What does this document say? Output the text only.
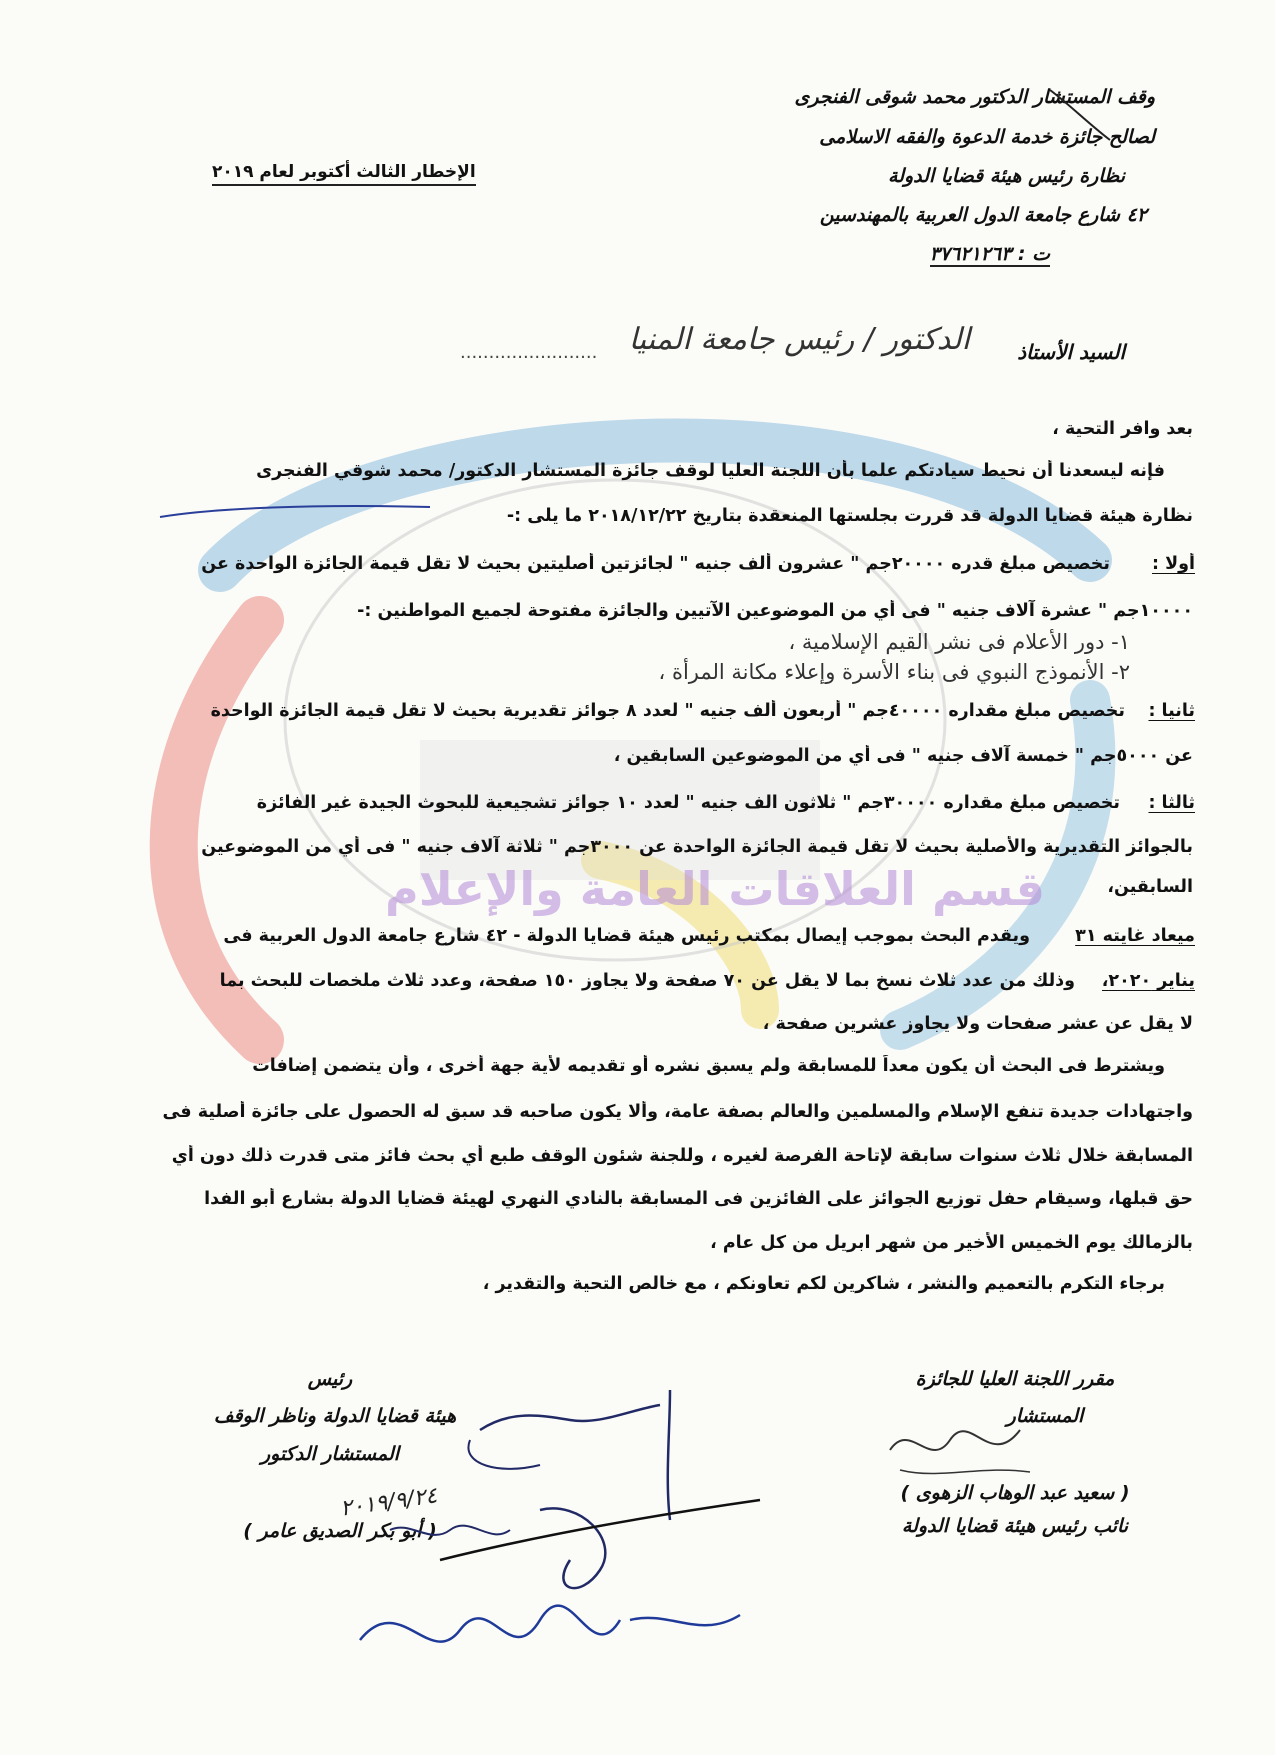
قسم العلاقات العامة والإعلام
وقف المستشار الدكتور محمد شوقى الفنجرى
لصالح جائزة خدمة الدعوة والفقه الاسلامى
نظارة رئيس هيئة قضايا الدولة
٤٢ شارع جامعة الدول العربية بالمهندسين
ت : ٣٧٦٢١٢٦٣
الإخطار الثالث أكتوبر لعام ٢٠١٩
السيد الأستاذ
الدكتور / رئيس جامعة المنيا
........................
بعد وافر التحية ،
فإنه ليسعدنا أن نحيط سيادتكم علما بأن اللجنة العليا لوقف جائزة المستشار الدكتور/ محمد شوقي الفنجرى
نظارة هيئة قضايا الدولة قد قررت بجلستها المنعقدة بتاريخ ٢٠١٨/١٢/٢٢ ما يلى :-
أولا :
تخصيص مبلغ قدره ٢٠٠٠٠جم " عشرون ألف جنيه " لجائزتين أصليتين بحيث لا تقل قيمة الجائزة الواحدة عن
١٠٠٠٠جم " عشرة آلاف جنيه " فى أي من الموضوعين الآتيين والجائزة مفتوحة لجميع المواطنين :-
١- دور الأعلام فى نشر القيم الإسلامية ،
٢- الأنموذج النبوي فى بناء الأسرة وإعلاء مكانة المرأة ،
ثانيا :
تخصيص مبلغ مقداره ٤٠٠٠٠جم " أربعون ألف جنيه " لعدد ٨ جوائز تقديرية بحيث لا تقل قيمة الجائزة الواحدة
عن ٥٠٠٠جم " خمسة آلاف جنيه " فى أي من الموضوعين السابقين ،
ثالثا :
تخصيص مبلغ مقداره ٣٠٠٠٠جم " ثلاثون الف جنيه " لعدد ١٠ جوائز تشجيعية للبحوث الجيدة غير الفائزة
بالجوائز التقديرية والأصلية بحيث لا تقل قيمة الجائزة الواحدة عن ٣٠٠٠جم " ثلاثة آلاف جنيه " فى أي من الموضوعين
السابقين،
ويقدم البحث بموجب إيصال بمكتب رئيس هيئة قضايا الدولة - ٤٢ شارع جامعة الدول العربية فى	ميعاد غايته ٣١
يناير ٢٠٢٠،
وذلك من عدد ثلاث نسخ بما لا يقل عن ٧٠ صفحة ولا يجاوز ١٥٠ صفحة، وعدد ثلاث ملخصات للبحث بما
لا يقل عن عشر صفحات ولا يجاوز عشرين صفحة ،
ويشترط فى البحث أن يكون معداً للمسابقة ولم يسبق نشره أو تقديمه لأية جهة أخرى ، وأن يتضمن إضافات
واجتهادات جديدة تنفع الإسلام والمسلمين والعالم بصفة عامة، وألا يكون صاحبه قد سبق له الحصول على جائزة أصلية فى
المسابقة خلال ثلاث سنوات سابقة لإتاحة الفرصة لغيره ، وللجنة شئون الوقف طبع أي بحث فائز متى قدرت ذلك دون أي
حق قبلها، وسيقام حفل توزيع الجوائز على الفائزين فى المسابقة بالنادي النهري لهيئة قضايا الدولة بشارع أبو الفدا
بالزمالك يوم الخميس الأخير من شهر ابريل من كل عام ،
برجاء التكرم بالتعميم والنشر ، شاكرين لكم تعاونكم ، مع خالص التحية والتقدير ،
مقرر اللجنة العليا للجائزة
المستشار
( سعيد عبد الوهاب الزهوى )
نائب رئيس هيئة قضايا الدولة
رئيس
هيئة قضايا الدولة وناظر الوقف
المستشار الدكتور
( أبو بكر الصديق عامر )
٢٠١٩/٩/٢٤
